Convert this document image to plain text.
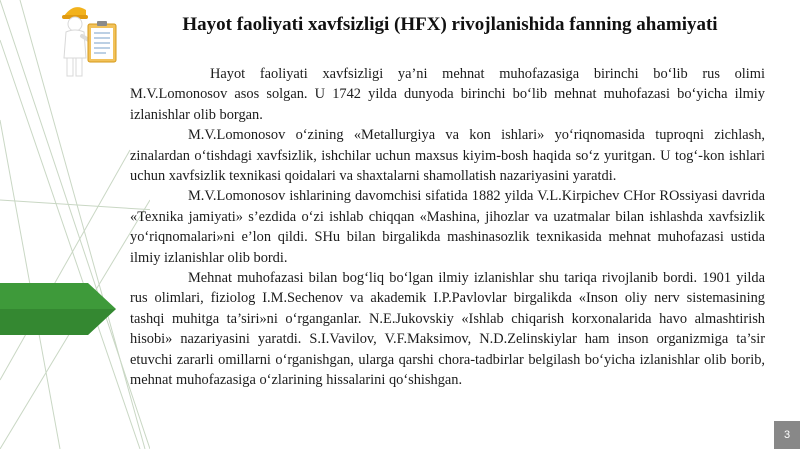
Hayot faoliyati xavfsizligi (HFX) rivojlanishida fanning ahamiyati

Hayot faoliyati xavfsizligi ya’ni mehnat muhofazasiga birinchi bo‘lib rus olimi M.V.Lomonosov asos solgan. U 1742 yilda dunyoda birinchi bo‘lib mehnat muhofazasi bo‘yicha ilmiy izlanishlar olib borgan.

M.V.Lomonosov o‘zining «Metallurgiya va kon ishlari» yo‘riqnomasida tuproqni zichlash, zinalardan o‘tishdagi xavfsizlik, ishchilar uchun maxsus kiyim-bosh haqida so‘z yuritgan. U tog‘-kon ishlari uchun xavfsizlik texnikasi qoidalari va shaxtalarni shamollatish nazariyasini yaratdi.

M.V.Lomonosov ishlarining davomchisi sifatida 1882 yilda V.L.Kirpichev CHor ROssiyasi davrida «Texnika jamiyati» s’ezdida o‘zi ishlab chiqqan «Mashina, jihozlar va uzatmalar bilan ishlashda xavfsizlik yo‘riqnomalari»ni e’lon qildi. SHu bilan birgalikda mashinasozlik texnikasida mehnat muhofazasi ustida ilmiy izlanishlar olib bordi.

Mehnat muhofazasi bilan bog‘liq bo‘lgan ilmiy izlanishlar shu tariqa rivojlanib bordi. 1901 yilda rus olimlari, fiziolog I.M.Sechenov va akademik I.P.Pavlovlar birgalikda «Inson oliy nerv sistemasining tashqi muhitga ta’siri»ni o‘rganganlar. N.E.Jukovskiy «Ishlab chiqarish korxonalarida havo almashtirish hisobi» nazariyasini yaratdi. S.I.Vavilov, V.F.Maksimov, N.D.Zelinskiylar ham inson organizmiga ta’sir etuvchi zararli omillarni o‘rganishgan, ularga qarshi chora-tadbirlar belgilash bo‘yicha izlanishlar olib borib, mehnat muhofazasiga o‘zlarining hissalarini qo‘shishgan.

3
